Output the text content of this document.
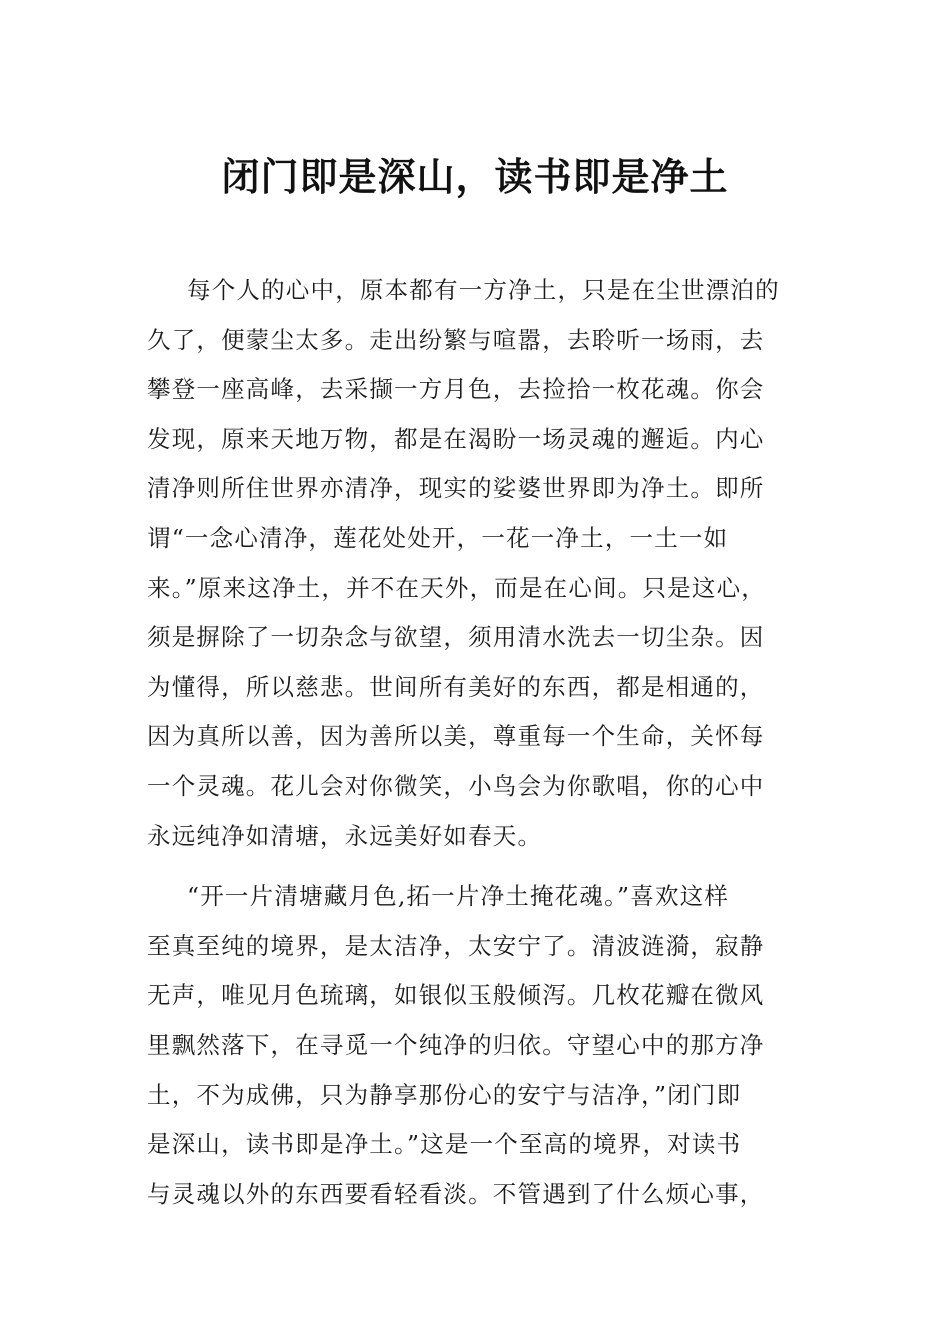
闭门即是深山，读书即是净土
每个人的心中，原本都有一方净土，只是在尘世漂泊的
久了，便蒙尘太多。走出纷繁与喧嚣，去聆听一场雨，去
攀登一座高峰，去采撷一方月色，去捡拾一枚花魂。你会
发现，原来天地万物，都是在渴盼一场灵魂的邂逅。内心
清净则所住世界亦清净，现实的娑婆世界即为净土。即所
谓“一念心清净，莲花处处开，一花一净土，一土一如
来。”原来这净土，并不在天外，而是在心间。只是这心，
须是摒除了一切杂念与欲望，须用清水洗去一切尘杂。因
为懂得，所以慈悲。世间所有美好的东西，都是相通的，
因为真所以善，因为善所以美，尊重每一个生命，关怀每
一个灵魂。花儿会对你微笑，小鸟会为你歌唱，你的心中
永远纯净如清塘，永远美好如春天。
“开一片清塘藏月色,拓一片净土掩花魂。”喜欢这样
至真至纯的境界，是太洁净，太安宁了。清波涟漪，寂静
无声，唯见月色琉璃，如银似玉般倾泻。几枚花瓣在微风
里飘然落下，在寻觅一个纯净的归依。守望心中的那方净
土，不为成佛，只为静享那份心的安宁与洁净，”闭门即
是深山，读书即是净土。”这是一个至高的境界，对读书
与灵魂以外的东西要看轻看淡。不管遇到了什么烦心事，
